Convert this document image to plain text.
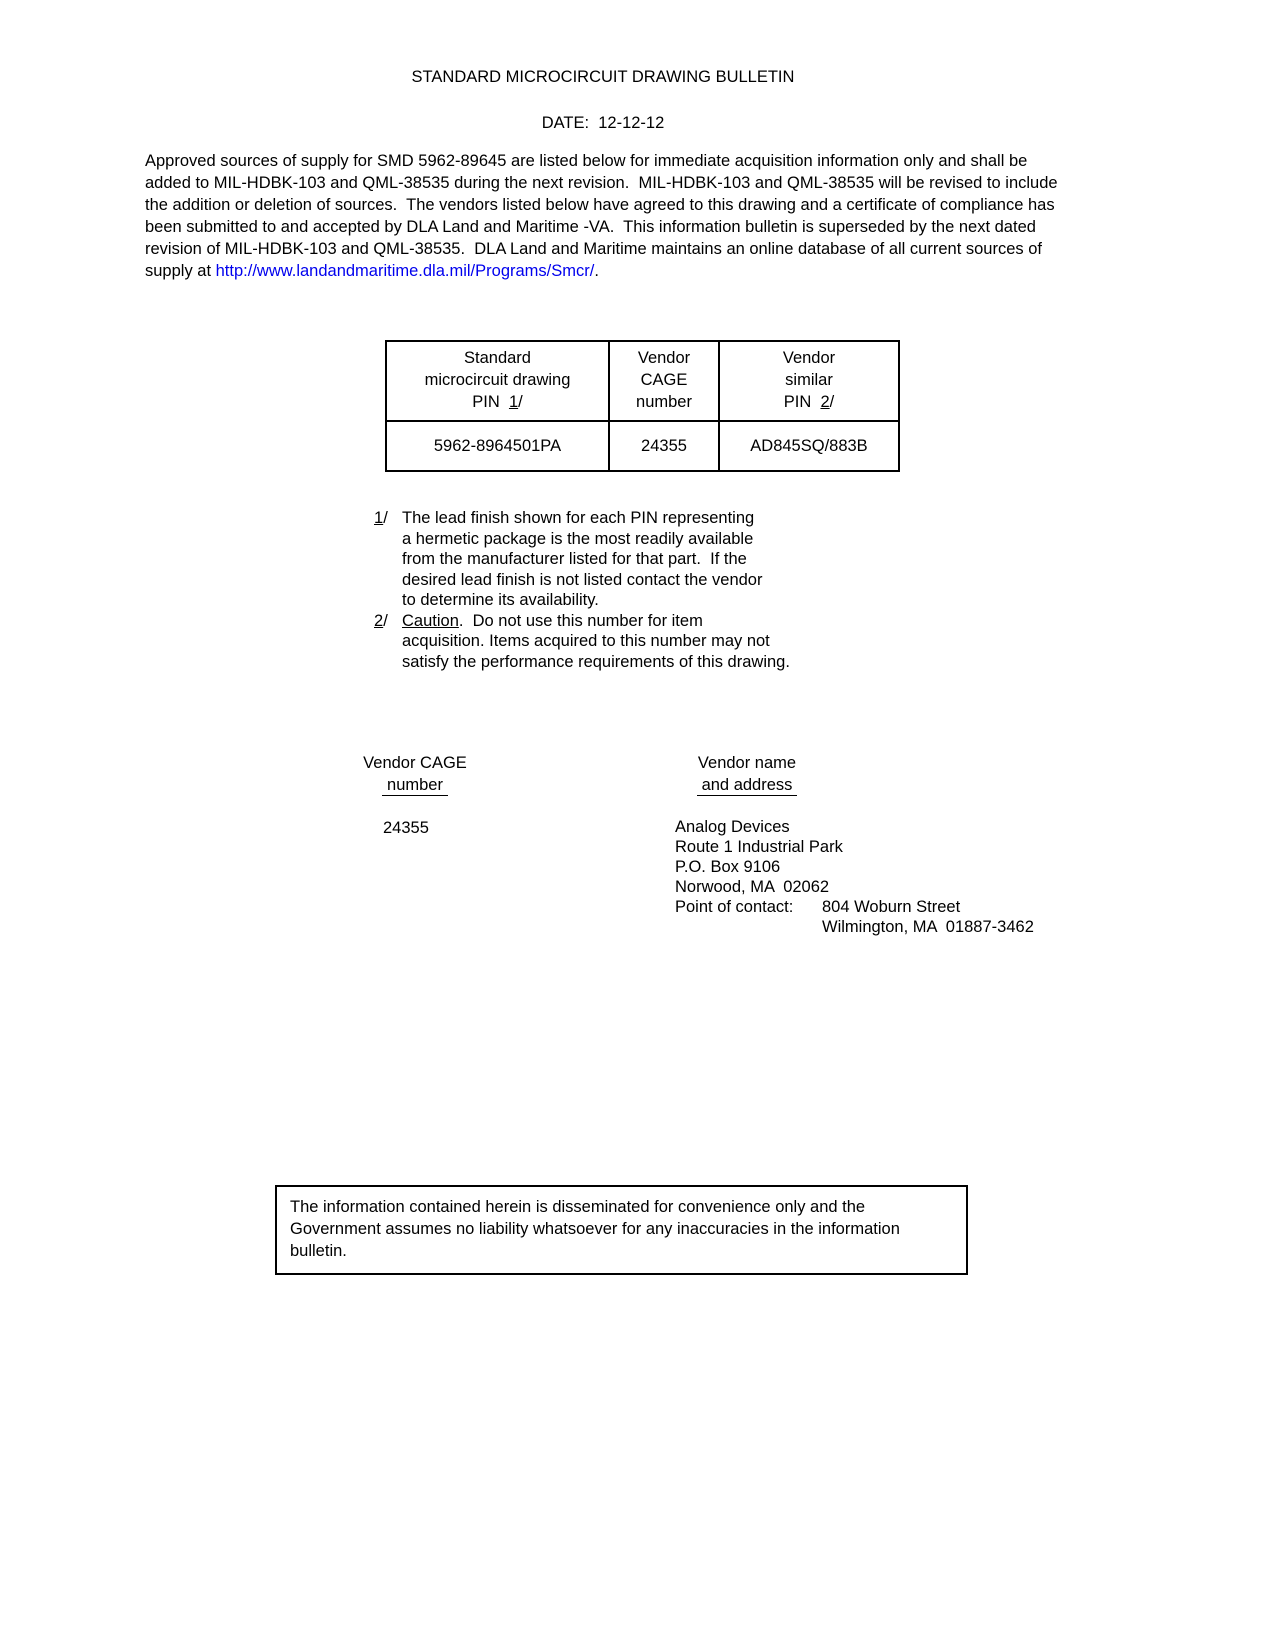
STANDARD MICROCIRCUIT DRAWING BULLETIN
DATE:  12-12-12
Approved sources of supply for SMD 5962-89645 are listed below for immediate acquisition information only and shall be added to MIL-HDBK-103 and QML-38535 during the next revision.  MIL-HDBK-103 and QML-38535 will be revised to include the addition or deletion of sources.  The vendors listed below have agreed to this drawing and a certificate of compliance has been submitted to and accepted by DLA Land and Maritime -VA.  This information bulletin is superseded by the next dated revision of MIL-HDBK-103 and QML-38535.  DLA Land and Maritime maintains an online database of all current sources of supply at http://www.landandmaritime.dla.mil/Programs/Smcr/.
Standard
microcircuit drawing
PIN  1/

Vendor
CAGE
number

Vendor
similar
PIN  2/

5962-8964501PA	24355	AD845SQ/883B
1/ The lead finish shown for each PIN representing
a hermetic package is the most readily available
from the manufacturer listed for that part.  If the
desired lead finish is not listed contact the vendor
to determine its availability.
2/ Caution.  Do not use this number for item
acquisition. Items acquired to this number may not
satisfy the performance requirements of this drawing.
Vendor CAGE
number
Vendor name
and address
24355	Analog Devices
Route 1 Industrial Park
P.O. Box 9106
Norwood, MA  02062
Point of contact:	804 Woburn Street
Wilmington, MA  01887-3462
The information contained herein is disseminated for convenience only and the Government assumes no liability whatsoever for any inaccuracies in the information bulletin.
